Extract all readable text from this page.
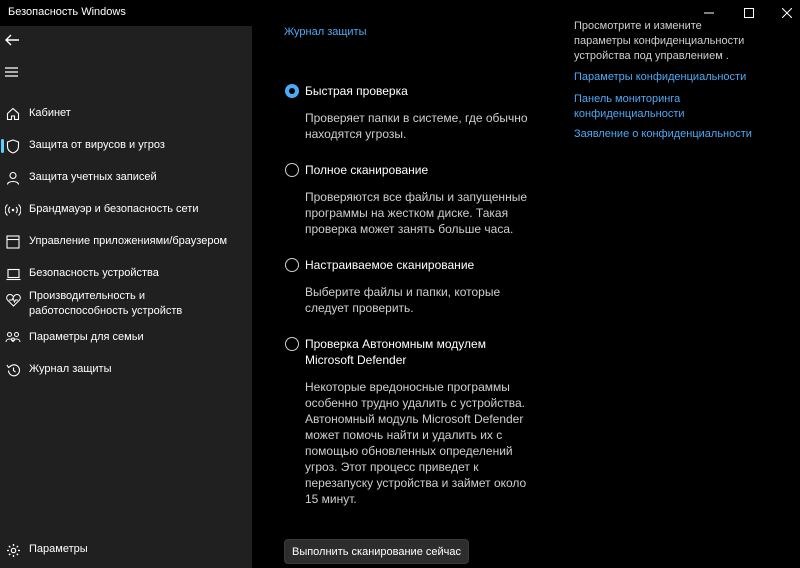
Безопасность Windows
Кабинет
Защита от вирусов и угроз
Защита учетных записей
Брандмауэр и безопасность сети
Управление приложениями/браузером
Безопасность устройства
Производительность и
работоспособность устройств
Параметры для семьи
Журнал защиты
Параметры
Журнал защиты
Быстрая проверка
Проверяет папки в системе, где обычно
находятся угрозы.
Полное сканирование
Проверяются все файлы и запущенные
программы на жестком диске. Такая
проверка может занять больше часа.
Настраиваемое сканирование
Выберите файлы и папки, которые
следует проверить.
Проверка Автономным модулем
Microsoft Defender
Некоторые вредоносные программы
особенно трудно удалить с устройства.
Автономный модуль Microsoft Defender
может помочь найти и удалить их с
помощью обновленных определений
угроз. Этот процесс приведет к
перезапуску устройства и займет около
15 минут.
Выполнить сканирование сейчас
Просмотрите и измените
параметры конфиденциальности
устройства под управлением .
Параметры конфиденциальности
Панель мониторинга
конфиденциальности
Заявление о конфиденциальности
